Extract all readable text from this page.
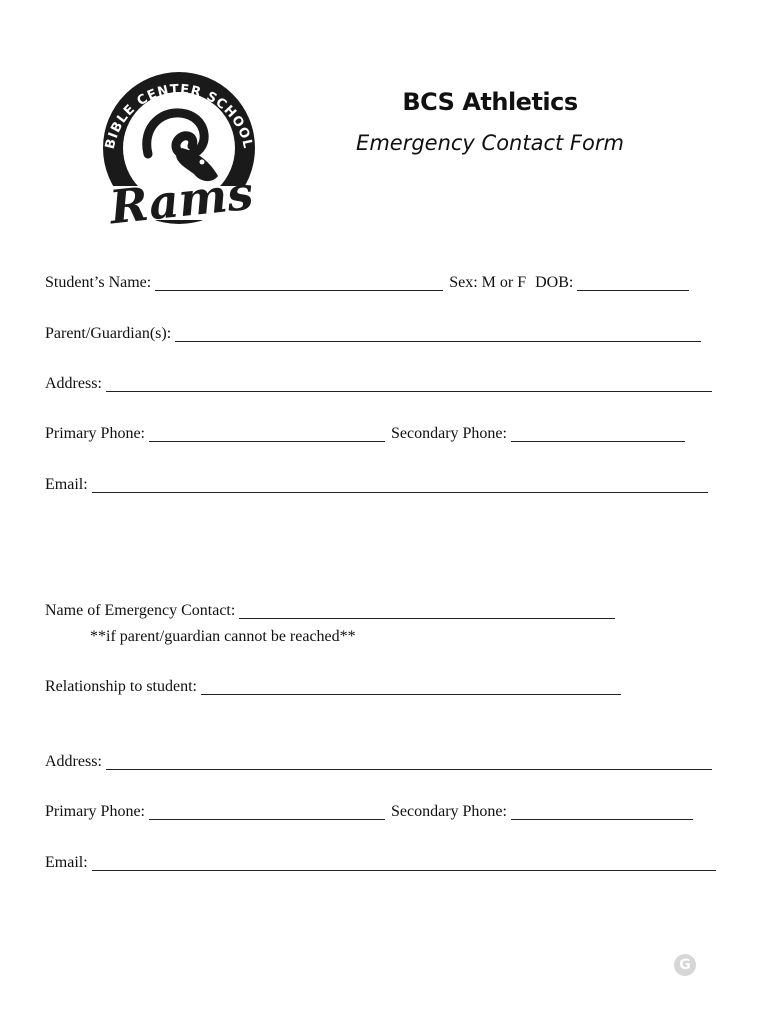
BIBLE CENTER SCHOOL
Rams
BCS Athletics
Emergency Contact Form
Student’s Name:	Sex: M or F DOB:
Parent/Guardian(s):
Address:
Primary Phone:	Secondary Phone:
Email:
Name of Emergency Contact:
**if parent/guardian cannot be reached**
Relationship to student:
Address:
Primary Phone:	Secondary Phone:
Email:
G
